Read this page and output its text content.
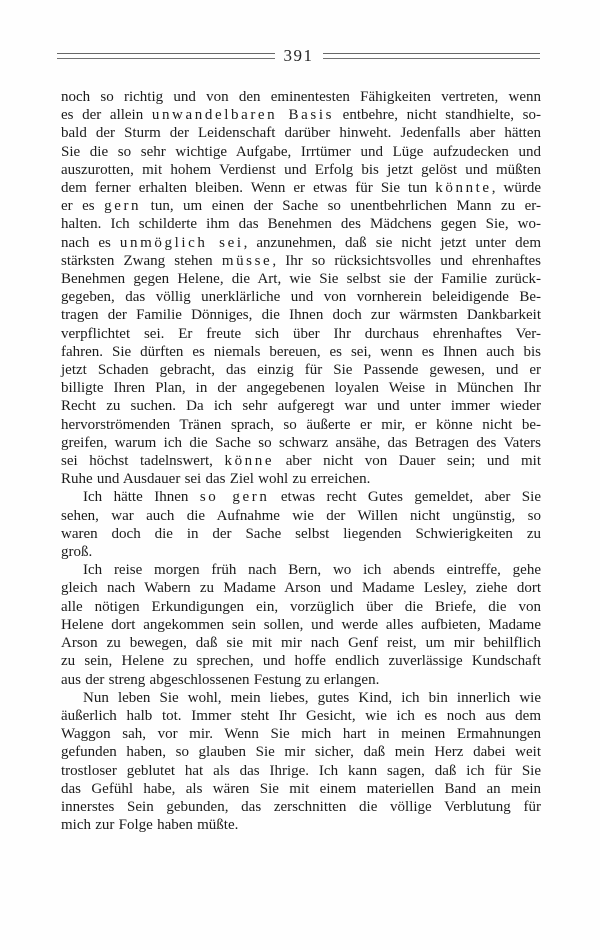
391
noch so richtig und von den eminentesten Fähigkeiten vertreten, wenn
es der allein unwandelbaren Basis entbehre, nicht standhielte, so-
bald der Sturm der Leidenschaft darüber hinweht. Jedenfalls aber hätten
Sie die so sehr wichtige Aufgabe, Irrtümer und Lüge aufzudecken und
auszurotten, mit hohem Verdienst und Erfolg bis jetzt gelöst und müßten
dem ferner erhalten bleiben. Wenn er etwas für Sie tun könnte, würde
er es gern tun, um einen der Sache so unentbehrlichen Mann zu er-
halten. Ich schilderte ihm das Benehmen des Mädchens gegen Sie, wo-
nach es unmöglich sei, anzunehmen, daß sie nicht jetzt unter dem
stärksten Zwang stehen müsse, Ihr so rücksichtsvolles und ehrenhaftes
Benehmen gegen Helene, die Art, wie Sie selbst sie der Familie zurück-
gegeben, das völlig unerklärliche und von vornherein beleidigende Be-
tragen der Familie Dönniges, die Ihnen doch zur wärmsten Dankbarkeit
verpflichtet sei. Er freute sich über Ihr durchaus ehrenhaftes Ver-
fahren. Sie dürften es niemals bereuen, es sei, wenn es Ihnen auch bis
jetzt Schaden gebracht, das einzig für Sie Passende gewesen, und er
billigte Ihren Plan, in der angegebenen loyalen Weise in München Ihr
Recht zu suchen. Da ich sehr aufgeregt war und unter immer wieder
hervorströmenden Tränen sprach, so äußerte er mir, er könne nicht be-
greifen, warum ich die Sache so schwarz ansähe, das Betragen des Vaters
sei höchst tadelnswert, könne aber nicht von Dauer sein; und mit
Ruhe und Ausdauer sei das Ziel wohl zu erreichen.
Ich hätte Ihnen so gern etwas recht Gutes gemeldet, aber Sie
sehen, war auch die Aufnahme wie der Willen nicht ungünstig, so
waren doch die in der Sache selbst liegenden Schwierigkeiten zu
groß.
Ich reise morgen früh nach Bern, wo ich abends eintreffe, gehe
gleich nach Wabern zu Madame Arson und Madame Lesley, ziehe dort
alle nötigen Erkundigungen ein, vorzüglich über die Briefe, die von
Helene dort angekommen sein sollen, und werde alles aufbieten, Madame
Arson zu bewegen, daß sie mit mir nach Genf reist, um mir behilflich
zu sein, Helene zu sprechen, und hoffe endlich zuverlässige Kundschaft
aus der streng abgeschlossenen Festung zu erlangen.
Nun leben Sie wohl, mein liebes, gutes Kind, ich bin innerlich wie
äußerlich halb tot. Immer steht Ihr Gesicht, wie ich es noch aus dem
Waggon sah, vor mir. Wenn Sie mich hart in meinen Ermahnungen
gefunden haben, so glauben Sie mir sicher, daß mein Herz dabei weit
trostloser geblutet hat als das Ihrige. Ich kann sagen, daß ich für Sie
das Gefühl habe, als wären Sie mit einem materiellen Band an mein
innerstes Sein gebunden, das zerschnitten die völlige Verblutung für
mich zur Folge haben müßte.
